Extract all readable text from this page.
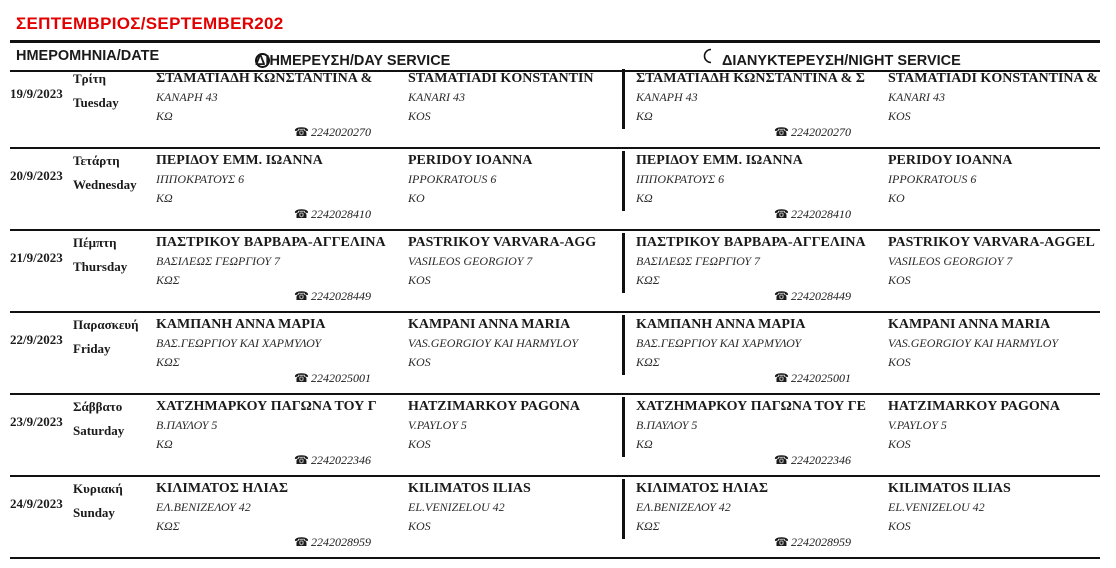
ΣΕΠΤΕΜΒΡΙΟΣ/SEPTEMBER202
ΗΜΕΡΟΜΗΝΙΑ/DATE	ΔΙΗΜΕΡΕΥΣΗ/DAY SERVICE	ΔΙΑΝΥΚΤΕΡΕΥΣΗ/NIGHT SERVICE
19/9/2023
Τρίτη
Tuesday
ΣΤΑΜΑΤΙΑΔΗ ΚΩΝΣΤΑΝΤΙΝΑ &
ΚΑΝΑΡΗ 43
ΚΩ
STAMATIADI KONSTANTIN
KANARI 43
KOS
☎ 2242020270
ΣΤΑΜΑΤΙΑΔΗ ΚΩΝΣΤΑΝΤΙΝΑ & Σ
ΚΑΝΑΡΗ 43
ΚΩ
STAMATIADI KONSTANTINA &
KANARI 43
KOS
☎ 2242020270
20/9/2023
Τετάρτη
Wednesday
ΠΕΡΙΔΟΥ ΕΜΜ. ΙΩΑΝΝΑ
ΙΠΠΟΚΡΑΤΟΥΣ 6
ΚΩ
PERIDOY IOANNA
IPPOKRATOUS 6
KO
☎ 2242028410
ΠΕΡΙΔΟΥ ΕΜΜ. ΙΩΑΝΝΑ
ΙΠΠΟΚΡΑΤΟΥΣ 6
ΚΩ
PERIDOY IOANNA
IPPOKRATOUS 6
KO
☎ 2242028410
21/9/2023
Πέμπτη
Thursday
ΠΑΣΤΡΙΚΟΥ ΒΑΡΒΑΡΑ-ΑΓΓΕΛΙΝΑ
ΒΑΣΙΛΕΩΣ ΓΕΩΡΓΙΟΥ 7
ΚΩΣ
PASTRIKOY VARVARA-AGG
VASILEOS GEORGIOY 7
KOS
☎ 2242028449
ΠΑΣΤΡΙΚΟΥ ΒΑΡΒΑΡΑ-ΑΓΓΕΛΙΝΑ
ΒΑΣΙΛΕΩΣ ΓΕΩΡΓΙΟΥ 7
ΚΩΣ
PASTRIKOY VARVARA-AGGEL
VASILEOS GEORGIOY 7
KOS
☎ 2242028449
22/9/2023
Παρασκευή
Friday
ΚΑΜΠΑΝΗ ΑΝΝΑ ΜΑΡΙΑ
ΒΑΣ.ΓΕΩΡΓΙΟΥ ΚΑΙ ΧΑΡΜΥΛΟΥ
ΚΩΣ
KAMPANI ANNA MARIA
VAS.GEORGIOY KAI HARMYLOY
KOS
☎ 2242025001
ΚΑΜΠΑΝΗ ΑΝΝΑ ΜΑΡΙΑ
ΒΑΣ.ΓΕΩΡΓΙΟΥ ΚΑΙ ΧΑΡΜΥΛΟΥ
ΚΩΣ
KAMPANI ANNA MARIA
VAS.GEORGIOY KAI HARMYLOY
KOS
☎ 2242025001
23/9/2023
Σάββατο
Saturday
ΧΑΤΖΗΜΑΡΚΟΥ ΠΑΓΩΝΑ ΤΟΥ Γ
Β.ΠΑΥΛΟΥ 5
ΚΩ
HATZIMARKOY PAGONA
V.PAYLOY 5
KOS
☎ 2242022346
ΧΑΤΖΗΜΑΡΚΟΥ ΠΑΓΩΝΑ ΤΟΥ ΓΕ
Β.ΠΑΥΛΟΥ 5
ΚΩ
HATZIMARKOY PAGONA
V.PAYLOY 5
KOS
☎ 2242022346
24/9/2023
Κυριακή
Sunday
ΚΙΛΙΜΑΤΟΣ ΗΛΙΑΣ
ΕΛ.ΒΕΝΙΖΕΛΟΥ 42
ΚΩΣ
KILIMATOS ILIAS
EL.VENIZELOU 42
KOS
☎ 2242028959
ΚΙΛΙΜΑΤΟΣ ΗΛΙΑΣ
ΕΛ.ΒΕΝΙΖΕΛΟΥ 42
ΚΩΣ
KILIMATOS ILIAS
EL.VENIZELOU 42
KOS
☎ 2242028959
